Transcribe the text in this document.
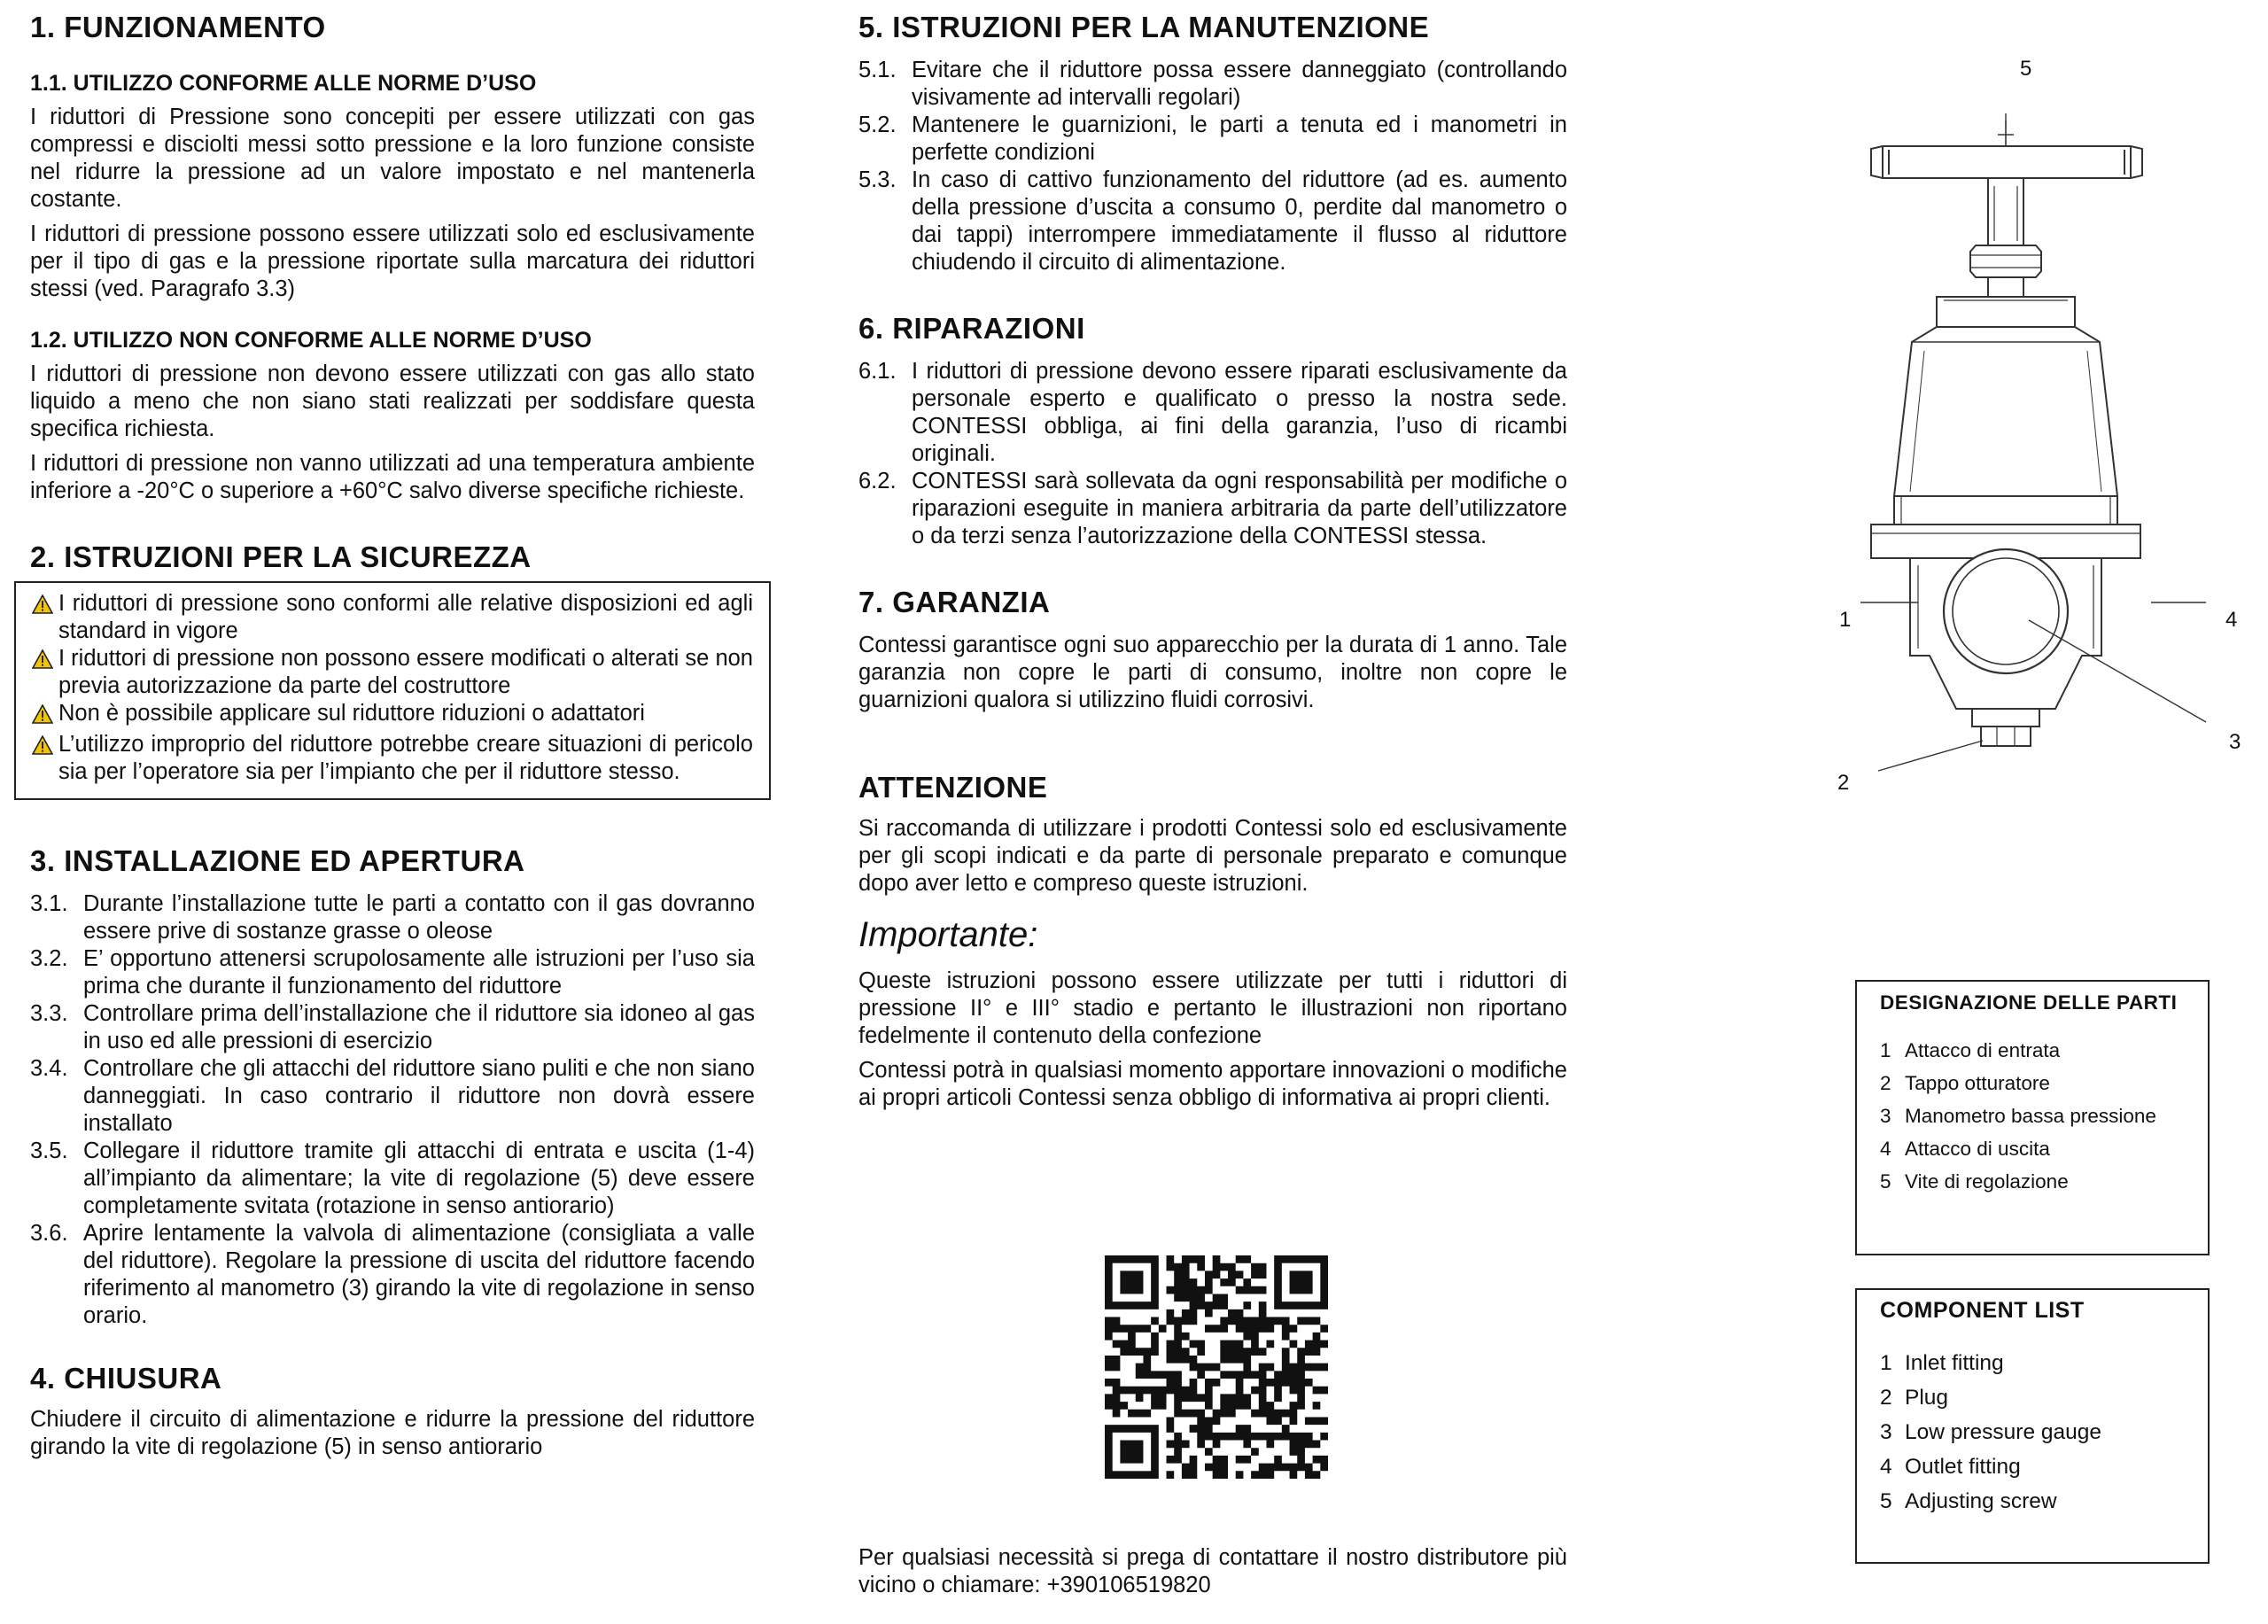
1. FUNZIONAMENTO
1.1. UTILIZZO CONFORME ALLE NORME D’USO

I riduttori di Pressione sono concepiti per essere utilizzati con gas compressi e disciolti messi sotto pressione e la loro funzione consiste nel ridurre la pressione ad un valore impostato e nel mantenerla costante.

I riduttori di pressione possono essere utilizzati solo ed esclusivamente per il tipo di gas e la pressione riportate sulla marcatura dei riduttori stessi (ved. Paragrafo 3.3)

1.2. UTILIZZO NON CONFORME ALLE NORME D’USO

I riduttori di pressione non devono essere utilizzati con gas allo stato liquido a meno che non siano stati realizzati per soddisfare questa specifica richiesta.

I riduttori di pressione non vanno utilizzati ad una temperatura ambiente inferiore a -20°C o superiore a +60°C salvo diverse specifiche richieste.

2. ISTRUZIONI PER LA SICUREZZA
I riduttori di pressione sono conformi alle relative disposizioni ed agli standard in vigore
I riduttori di pressione non possono essere modificati o alterati se non previa autorizzazione da parte del costruttore
Non è possibile applicare sul riduttore riduzioni o adattatori
L’utilizzo improprio del riduttore potrebbe creare situazioni di pericolo sia per l’operatore sia per l’impianto che per il riduttore stesso.
3. INSTALLAZIONE ED APERTURA
3.1. Durante l’installazione tutte le parti a contatto con il gas dovranno essere prive di sostanze grasse o oleose
3.2. E’ opportuno attenersi scrupolosamente alle istruzioni per l’uso sia prima che durante il funzionamento del riduttore
3.3. Controllare prima dell’installazione che il riduttore sia idoneo al gas in uso ed alle pressioni di esercizio
3.4. Controllare che gli attacchi del riduttore siano puliti e che non siano danneggiati. In caso contrario il riduttore non dovrà essere installato
3.5. Collegare il riduttore tramite gli attacchi di entrata e uscita (1-4) all’impianto da alimentare; la vite di regolazione (5) deve essere completamente svitata (rotazione in senso antiorario)
3.6. Aprire lentamente la valvola di alimentazione (consigliata a valle del riduttore). Regolare la pressione di uscita del riduttore facendo riferimento al manometro (3) girando la vite di regolazione in senso orario.
4. CHIUSURA

Chiudere il circuito di alimentazione e ridurre la pressione del riduttore girando la vite di regolazione (5) in senso antiorario

5. ISTRUZIONI PER LA MANUTENZIONE
5.1. Evitare che il riduttore possa essere danneggiato (controllando visivamente ad intervalli regolari)
5.2. Mantenere le guarnizioni, le parti a tenuta ed i manometri in perfette condizioni
5.3. In caso di cattivo funzionamento del riduttore (ad es. aumento della pressione d’uscita a consumo 0, perdite dal manometro o dai tappi) interrompere immediatamente il flusso al riduttore chiudendo il circuito di alimentazione.
6. RIPARAZIONI
6.1. I riduttori di pressione devono essere riparati esclusivamente da personale esperto e qualificato o presso la nostra sede. CONTESSI obbliga, ai fini della garanzia, l’uso di ricambi originali.
6.2. CONTESSI sarà sollevata da ogni responsabilità per modifiche o riparazioni eseguite in maniera arbitraria da parte dell’utilizzatore o da terzi senza l’autorizzazione della CONTESSI stessa.
7. GARANZIA

Contessi garantisce ogni suo apparecchio per la durata di 1 anno. Tale garanzia non copre le parti di consumo, inoltre non copre le guarnizioni qualora si utilizzino fluidi corrosivi.

ATTENZIONE

Si raccomanda di utilizzare i prodotti Contessi solo ed esclusivamente per gli scopi indicati e da parte di personale preparato e comunque dopo aver letto e compreso queste istruzioni.

Importante:

Queste istruzioni possono essere utilizzate per tutti i riduttori di pressione II° e III° stadio e pertanto le illustrazioni non riportano fedelmente il contenuto della confezione

Contessi potrà in qualsiasi momento apportare innovazioni o modifiche ai propri articoli Contessi senza obbligo di informativa ai propri clienti.

Per qualsiasi necessità si prega di contattare il nostro distributore più vicino o chiamare: +390106519820

5
1	4
3
2
DESIGNAZIONE DELLE PARTI
1 Attacco di entrata
2 Tappo otturatore
3 Manometro bassa pressione
4 Attacco di uscita
5 Vite di regolazione
COMPONENT LIST
1 Inlet fitting
2 Plug
3 Low pressure gauge
4 Outlet fitting
5 Adjusting screw
